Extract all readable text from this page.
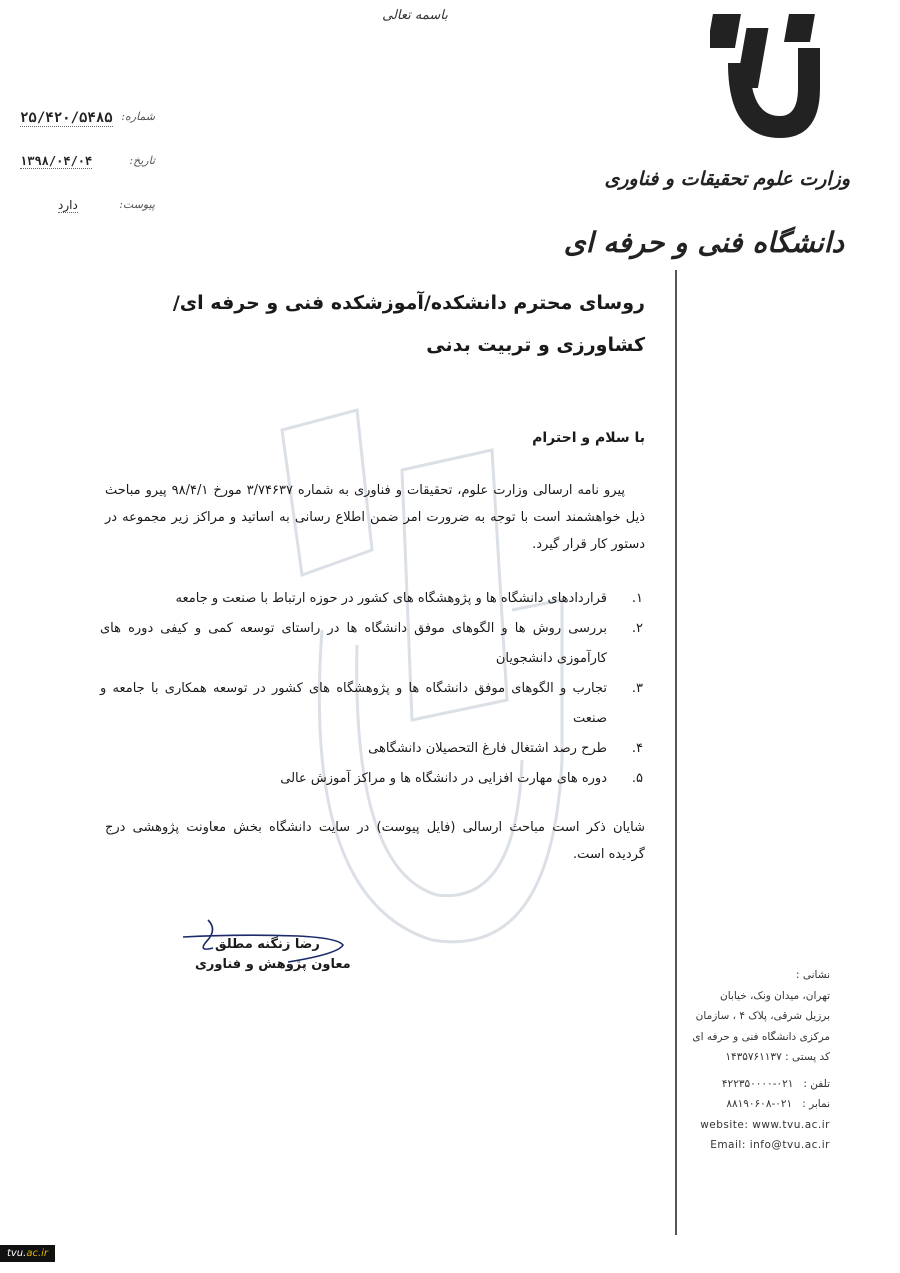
باسمه تعالی
شماره:
۲۵/۴۲۰/۵۴۸۵
تاریخ:
۱۳۹۸/۰۴/۰۴
پیوست:
دارد
وزارت علوم تحقیقات و فناوری
دانشگاه فنی و حرفه ای
روسای محترم دانشکده/آموزشکده فنی و حرفه ای/کشاورزی و تربیت بدنی
با سلام و احترام
پیرو نامه ارسالی وزارت علوم، تحقیقات و فناوری به شماره ۳/۷۴۶۳۷ مورخ ۹۸/۴/۱ پیرو مباحث ذیل خواهشمند است با توجه به ضرورت امر ضمن اطلاع رسانی به اساتید و مراکز زیر مجموعه در دستور کار قرار گیرد.
۱.
قراردادهای دانشگاه ها و پژوهشگاه های کشور در حوزه ارتباط با صنعت و جامعه
۲.
بررسی روش ها و الگوهای موفق دانشگاه ها در راستای توسعه کمی و کیفی دوره های کارآموزی دانشجویان
۳.
تجارب و الگوهای موفق دانشگاه ها و پژوهشگاه های کشور در توسعه همکاری با جامعه و صنعت
۴.
طرح رصد اشتغال فارغ التحصیلان دانشگاهی
۵.
دوره های مهارت افزایی در دانشگاه ها و مراکز آموزش عالی
شایان ذکر است مباحث ارسالی (فایل پیوست) در سایت دانشگاه بخش معاونت پژوهشی درج گردیده است.
رضا زنگنه مطلق
معاون پژوهش و فناوری
نشانی :
تهران، میدان ونک، خیابان
برزیل شرقی، پلاک ۴ ، سازمان
مرکزی دانشگاه فنی و حرفه ای
کد پستی : ۱۴۳۵۷۶۱۱۳۷
تلفن :   ۰۲۱-۴۲۲۳۵۰۰۰۰
نمابر :   ۰۲۱-۸۸۱۹۰۶۰۸
website: www.tvu.ac.ir
Email: info@tvu.ac.ir
tvu.ac.ir
